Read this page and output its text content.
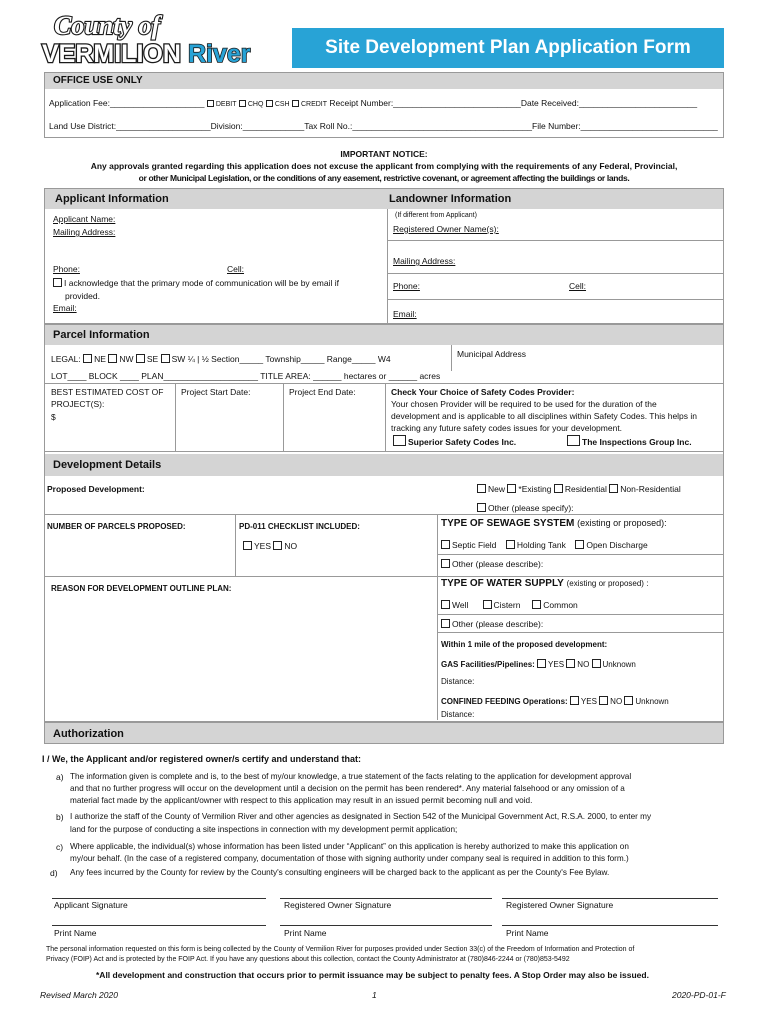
County of
VERMILION River	Site Development Plan Application Form
OFFICE USE ONLY
Application Fee:____________________ DEBIT CHQ CSH CREDIT Receipt Number:___________________________Date Received:_________________________
Land Use District:____________________Division:_____________Tax Roll No.:______________________________________File Number:_____________________________
IMPORTANT NOTICE:
Any approvals granted regarding this application does not excuse the applicant from complying with the requirements of any Federal, Provincial,
or other Municipal Legislation, or the conditions of any easement, restrictive covenant, or agreement affecting the buildings or lands.
Applicant Information	Landowner Information
Applicant Name:
Mailing Address:
Phone:	Cell:
I acknowledge that the primary mode of communication will be by email if
provided.
Email:
(If different from Applicant)
Registered Owner Name(s):
Mailing Address:
Phone:	Cell:
Email:
Parcel Information
LEGAL: NE NW SE SW ¼ | ½ Section_____ Township_____ Range_____ W4	Municipal Address
LOT____ BLOCK ____ PLAN____________________ TITLE AREA: ______ hectares or ______ acres
BEST ESTIMATED COST OF
PROJECT(S):
$
Project Start Date:	Project End Date:	Check Your Choice of Safety Codes Provider:
Your chosen Provider will be required to be used for the duration of the
development and is applicable to all disciplines within Safety Codes. This helps in
tracking any future safety codes issues for your development.
Superior Safety Codes Inc.	The Inspections Group Inc.
Development Details
Proposed Development:	New *Existing Residential Non-Residential
Other (please specify):
NUMBER OF PARCELS PROPOSED:	PD-011 CHECKLIST INCLUDED:
YES NO
TYPE OF SEWAGE SYSTEM (existing or proposed):
Septic Field Holding Tank Open Discharge
Other (please describe):
REASON FOR DEVELOPMENT OUTLINE PLAN:	TYPE OF WATER SUPPLY (existing or proposed) :
Well	Cistern	Common
Other (please describe):
Within 1 mile of the proposed development:
GAS Facilities/Pipelines: YES NO Unknown
Distance:
CONFINED FEEDING Operations: YES NO Unknown
Distance:
Authorization
I / We, the Applicant and/or registered owner/s certify and understand that:
a) The information given is complete and is, to the best of my/our knowledge, a true statement of the facts relating to the application for development approval
and that no further progress will occur on the development until a decision on the permit has been rendered*. Any material falsehood or any omission of a
material fact made by the applicant/owner with respect to this application may result in an issued permit becoming null and void.
b) I authorize the staff of the County of Vermilion River and other agencies as designated in Section 542 of the Municipal Government Act, R.S.A. 2000, to enter my
land for the purpose of conducting a site inspections in connection with my development permit application;
c) Where applicable, the individual(s) whose information has been listed under “Applicant” on this application is hereby authorized to make this application on
my/our behalf. (In the case of a registered company, documentation of those with signing authority under company seal is required in addition to this form.)
d) Any fees incurred by the County for review by the County's consulting engineers will be charged back to the applicant as per the County's Fee Bylaw.
Applicant Signature	Registered Owner Signature	Registered Owner Signature
Print Name	Print Name	Print Name
The personal information requested on this form is being collected by the County of Vermilion River for purposes provided under Section 33(c) of the Freedom of Information and Protection of
Privacy (FOIP) Act and is protected by the FOIP Act. If you have any questions about this collection, contact the County Administrator at (780)846-2244 or (780)853-5492
*All development and construction that occurs prior to permit issuance may be subject to penalty fees. A Stop Order may also be issued.
Revised March 2020	1	2020-PD-01-F
